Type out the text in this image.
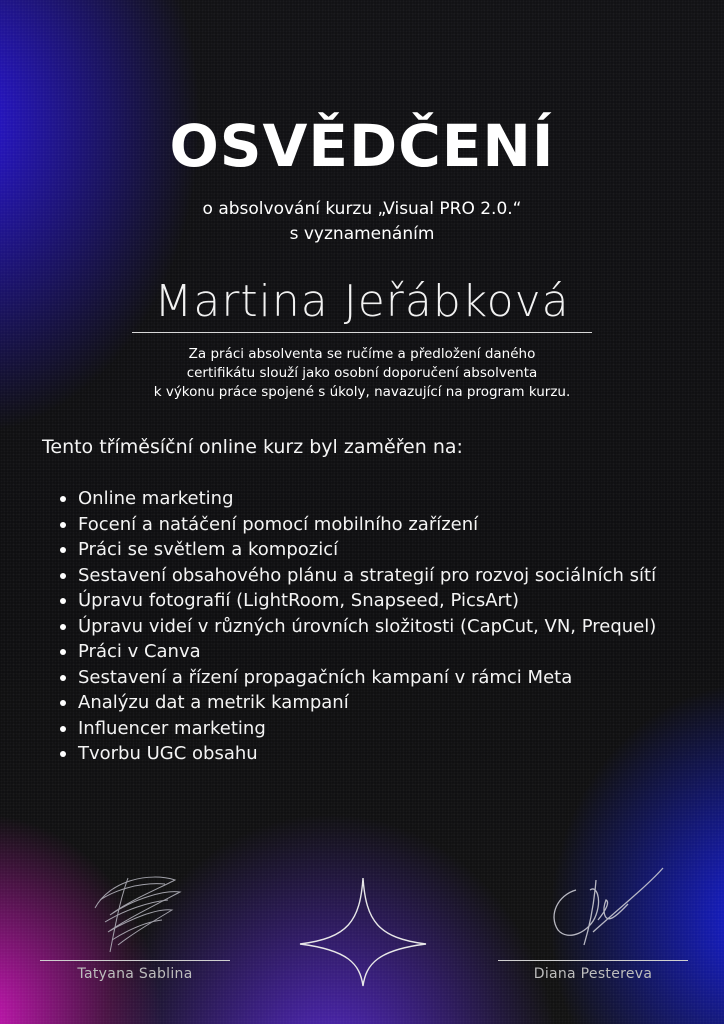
OSVĚDČENÍ
o absolvování kurzu „Visual PRO 2.0.“
s vyznamenáním
Martina Jeřábková
Za práci absolventa se ručíme a předložení daného
certifikátu slouží jako osobní doporučení absolventa
k výkonu práce spojené s úkoly, navazující na program kurzu.
Tento tříměsíční online kurz byl zaměřen na:
Online marketing
Focení a natáčení pomocí mobilního zařízení
Práci se světlem a kompozicí
Sestavení obsahového plánu a strategií pro rozvoj sociálních sítí
Úpravu fotografií (LightRoom, Snapseed, PicsArt)
Úpravu videí v různých úrovních složitosti (CapCut, VN, Prequel)
Práci v Canva
Sestavení a řízení propagačních kampaní v rámci Meta
Analýzu dat a metrik kampaní
Influencer marketing
Tvorbu UGC obsahu
Tatyana Sablina	Diana Pestereva
